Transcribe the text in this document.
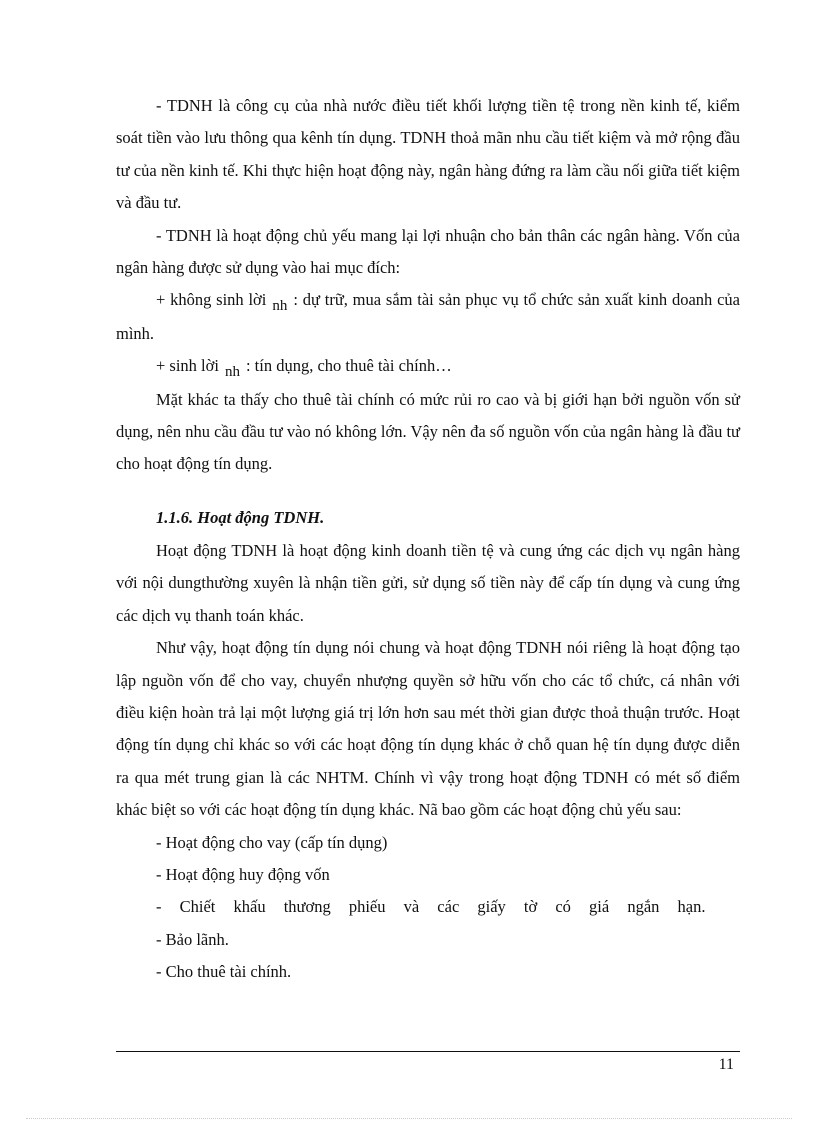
- TDNH là công cụ của nhà nước điều tiết khối lượng tiền tệ trong nền kinh tế, kiểm soát tiền vào lưu thông qua kênh tín dụng. TDNH thoả mãn nhu cầu tiết kiệm và mở rộng đầu tư của nền kinh tế. Khi thực hiện hoạt động này, ngân hàng đứng ra làm cầu nối giữa tiết kiệm và đầu tư.

- TDNH là hoạt động chủ yếu mang lại lợi nhuận cho bản thân các ngân hàng. Vốn của ngân hàng được sử dụng vào hai mục đích:

+ không sinh lời nh : dự trữ, mua sắm tài sản phục vụ tổ chức sản xuất kinh doanh của mình.

+ sinh lời nh : tín dụng, cho thuê tài chính…

Mặt khác ta thấy cho thuê tài chính có mức rủi ro cao và bị giới hạn bởi nguồn vốn sử dụng, nên nhu cầu đầu tư vào nó không lớn. Vậy nên đa số nguồn vốn của ngân hàng là đầu tư cho hoạt động tín dụng.

1.1.6. Hoạt động TDNH.

Hoạt động TDNH là hoạt động kinh doanh tiền tệ và cung ứng các dịch vụ ngân hàng với nội dungthường xuyên là nhận tiền gửi, sử dụng số tiền này để cấp tín dụng và cung ứng các dịch vụ thanh toán khác.

Như vậy, hoạt động tín dụng nói chung và hoạt động TDNH nói riêng là hoạt động tạo lập nguồn vốn để cho vay, chuyển nhượng quyền sở hữu vốn cho các tổ chức, cá nhân với điều kiện hoàn trả lại một lượng giá trị lớn hơn sau mét thời gian được thoả thuận trước. Hoạt động tín dụng chỉ khác so với các hoạt động tín dụng khác ở chỗ quan hệ tín dụng được diễn ra qua mét trung gian là các NHTM. Chính vì vậy trong hoạt động TDNH có mét số điểm khác biệt so với các hoạt động tín dụng khác. Nã bao gồm các hoạt động chủ yếu sau:

- Hoạt động cho vay (cấp tín dụng)

- Hoạt động huy động vốn

- Chiết khấu thương phiếu và các giấy tờ có giá ngắn hạn.

- Bảo lãnh.

- Cho thuê tài chính.

11
